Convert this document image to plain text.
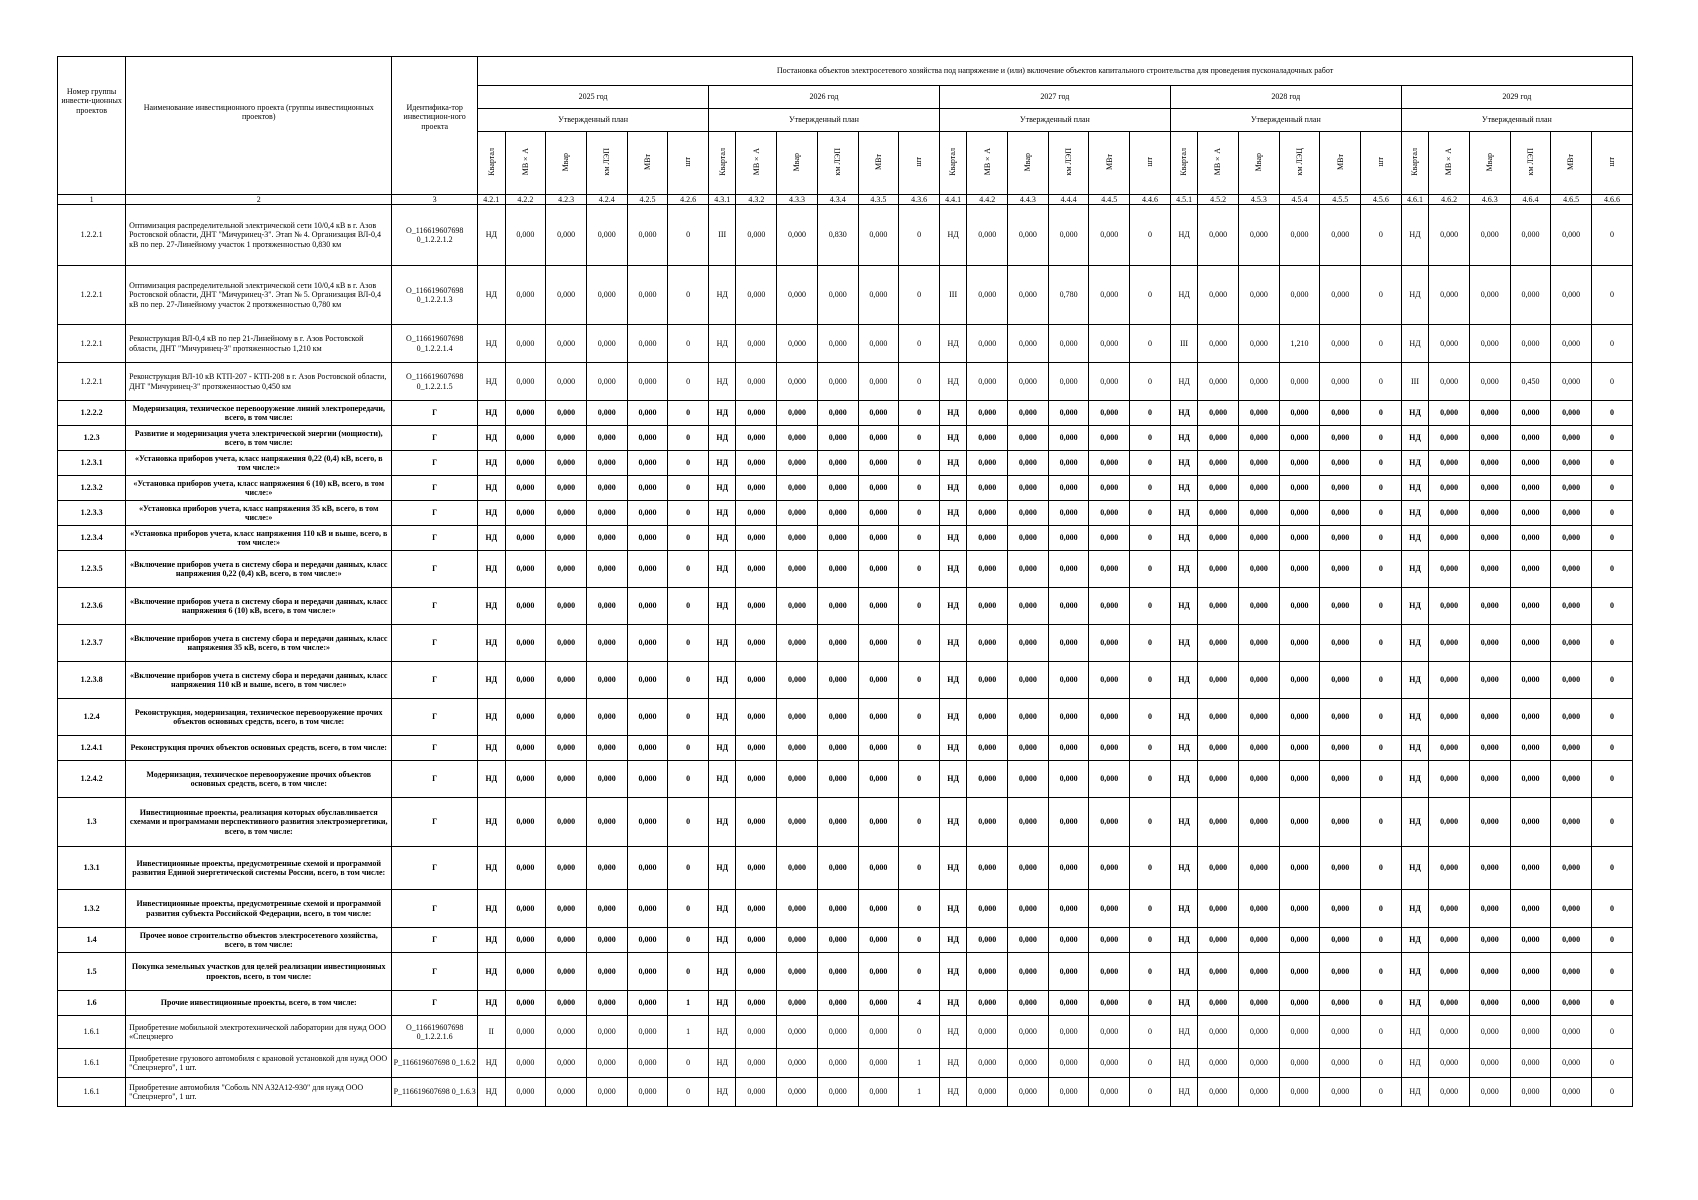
Номер группы инвести-ционных проектов	Наименование инвестиционного проекта (группы инвестиционных проектов)	Идентифика-тор инвестицион-ного проекта	Постановка объектов электросетевого хозяйства под напряжение и (или) включение объектов капитального строительства для проведения пусконаладочных работ																													
			2025 год						2026 год						2027 год						2028 год						2029 год					
			Утвержденный план						Утвержденный план						Утвержденный план						Утвержденный план						Утвержденный план					
			Квартал	МВ×А	Мвар	км ЛЭП	МВт	шт	Квартал	МВ×А	Мвар	км ЛЭП	МВт	шт	Квартал	МВ×А	Мвар	км ЛЭП	МВт	шт	Квартал	МВ×А	Мвар	км ЛЭЦ	МВт	шт	Квартал	МВ×А	Мвар	км ЛЭП	МВт	шт
1	2	3	4.2.1	4.2.2	4.2.3	4.2.4	4.2.5	4.2.6	4.3.1	4.3.2	4.3.3	4.3.4	4.3.5	4.3.6	4.4.1	4.4.2	4.4.3	4.4.4	4.4.5	4.4.6	4.5.1	4.5.2	4.5.3	4.5.4	4.5.5	4.5.6	4.6.1	4.6.2	4.6.3	4.6.4	4.6.5	4.6.6
1.2.2.1	Оптимизация распределительной электрической сети 10/0,4 кВ в г. Азов Ростовской области, ДНТ "Мичуринец-3". Этап № 4. Организация ВЛ-0,4 кВ по пер. 27-Линейному участок 1 протяженностью 0,830 км	O_116619607698 0_1.2.2.1.2	НД	0,000	0,000	0,000	0,000	0	III	0,000	0,000	0,830	0,000	0	НД	0,000	0,000	0,000	0,000	0	НД	0,000	0,000	0,000	0,000	0	НД	0,000	0,000	0,000	0,000	0
1.2.2.1	Оптимизация распределительной электрической сети 10/0,4 кВ в г. Азов Ростовской области, ДНТ "Мичуринец-3". Этап № 5. Организация ВЛ-0,4 кВ по пер. 27-Линейному участок 2 протяженностью 0,780 км	O_116619607698 0_1.2.2.1.3	НД	0,000	0,000	0,000	0,000	0	НД	0,000	0,000	0,000	0,000	0	III	0,000	0,000	0,780	0,000	0	НД	0,000	0,000	0,000	0,000	0	НД	0,000	0,000	0,000	0,000	0
1.2.2.1	Реконструкция ВЛ-0,4 кВ по пер 21-Линейному в г. Азов Ростовской области, ДНТ "Мичуринец-3" протяженностью 1,210 км	O_116619607698 0_1.2.2.1.4	НД	0,000	0,000	0,000	0,000	0	НД	0,000	0,000	0,000	0,000	0	НД	0,000	0,000	0,000	0,000	0	III	0,000	0,000	1,210	0,000	0	НД	0,000	0,000	0,000	0,000	0
1.2.2.1	Реконструкция ВЛ-10 кВ КТП-207 - КТП-208 в г. Азов Ростовской области, ДНТ "Мичуринец-3" протяженностью 0,450 км	O_116619607698 0_1.2.2.1.5	НД	0,000	0,000	0,000	0,000	0	НД	0,000	0,000	0,000	0,000	0	НД	0,000	0,000	0,000	0,000	0	НД	0,000	0,000	0,000	0,000	0	III	0,000	0,000	0,450	0,000	0
1.2.2.2	Модернизация, техническое перевооружение линий электропередачи, всего, в том числе:	Г	НД	0,000	0,000	0,000	0,000	0	НД	0,000	0,000	0,000	0,000	0	НД	0,000	0,000	0,000	0,000	0	НД	0,000	0,000	0,000	0,000	0	НД	0,000	0,000	0,000	0,000	0
1.2.3	Развитие и модернизация учета электрической энергии (мощности), всего, в том числе:	Г	НД	0,000	0,000	0,000	0,000	0	НД	0,000	0,000	0,000	0,000	0	НД	0,000	0,000	0,000	0,000	0	НД	0,000	0,000	0,000	0,000	0	НД	0,000	0,000	0,000	0,000	0
1.2.3.1	«Установка приборов учета, класс напряжения 0,22 (0,4) кВ, всего, в том числе:»	Г	НД	0,000	0,000	0,000	0,000	0	НД	0,000	0,000	0,000	0,000	0	НД	0,000	0,000	0,000	0,000	0	НД	0,000	0,000	0,000	0,000	0	НД	0,000	0,000	0,000	0,000	0
1.2.3.2	«Установка приборов учета, класс напряжения 6 (10) кВ, всего, в том числе:»	Г	НД	0,000	0,000	0,000	0,000	0	НД	0,000	0,000	0,000	0,000	0	НД	0,000	0,000	0,000	0,000	0	НД	0,000	0,000	0,000	0,000	0	НД	0,000	0,000	0,000	0,000	0
1.2.3.3	«Установка приборов учета, класс напряжения 35 кВ, всего, в том числе:»	Г	НД	0,000	0,000	0,000	0,000	0	НД	0,000	0,000	0,000	0,000	0	НД	0,000	0,000	0,000	0,000	0	НД	0,000	0,000	0,000	0,000	0	НД	0,000	0,000	0,000	0,000	0
1.2.3.4	«Установка приборов учета, класс напряжения 110 кВ и выше, всего, в том числе:»	Г	НД	0,000	0,000	0,000	0,000	0	НД	0,000	0,000	0,000	0,000	0	НД	0,000	0,000	0,000	0,000	0	НД	0,000	0,000	0,000	0,000	0	НД	0,000	0,000	0,000	0,000	0
1.2.3.5	«Включение приборов учета в систему сбора и передачи данных, класс напряжения 0,22 (0,4) кВ, всего, в том числе:»	Г	НД	0,000	0,000	0,000	0,000	0	НД	0,000	0,000	0,000	0,000	0	НД	0,000	0,000	0,000	0,000	0	НД	0,000	0,000	0,000	0,000	0	НД	0,000	0,000	0,000	0,000	0
1.2.3.6	«Включение приборов учета в систему сбора и передачи данных, класс напряжения 6 (10) кВ, всего, в том числе:»	Г	НД	0,000	0,000	0,000	0,000	0	НД	0,000	0,000	0,000	0,000	0	НД	0,000	0,000	0,000	0,000	0	НД	0,000	0,000	0,000	0,000	0	НД	0,000	0,000	0,000	0,000	0
1.2.3.7	«Включение приборов учета в систему сбора и передачи данных, класс напряжения 35 кВ, всего, в том числе:»	Г	НД	0,000	0,000	0,000	0,000	0	НД	0,000	0,000	0,000	0,000	0	НД	0,000	0,000	0,000	0,000	0	НД	0,000	0,000	0,000	0,000	0	НД	0,000	0,000	0,000	0,000	0
1.2.3.8	«Включение приборов учета в систему сбора и передачи данных, класс напряжения 110 кВ и выше, всего, в том числе:»	Г	НД	0,000	0,000	0,000	0,000	0	НД	0,000	0,000	0,000	0,000	0	НД	0,000	0,000	0,000	0,000	0	НД	0,000	0,000	0,000	0,000	0	НД	0,000	0,000	0,000	0,000	0
1.2.4	Реконструкция, модернизация, техническое перевооружение прочих объектов основных средств, всего, в том числе:	Г	НД	0,000	0,000	0,000	0,000	0	НД	0,000	0,000	0,000	0,000	0	НД	0,000	0,000	0,000	0,000	0	НД	0,000	0,000	0,000	0,000	0	НД	0,000	0,000	0,000	0,000	0
1.2.4.1	Реконструкция прочих объектов основных средств, всего, в том числе:	Г	НД	0,000	0,000	0,000	0,000	0	НД	0,000	0,000	0,000	0,000	0	НД	0,000	0,000	0,000	0,000	0	НД	0,000	0,000	0,000	0,000	0	НД	0,000	0,000	0,000	0,000	0
1.2.4.2	Модернизация, техническое перевооружение прочих объектов основных средств, всего, в том числе:	Г	НД	0,000	0,000	0,000	0,000	0	НД	0,000	0,000	0,000	0,000	0	НД	0,000	0,000	0,000	0,000	0	НД	0,000	0,000	0,000	0,000	0	НД	0,000	0,000	0,000	0,000	0
1.3	Инвестиционные проекты, реализация которых обуславливается схемами и программами перспективного развития электроэнергетики, всего, в том числе:	Г	НД	0,000	0,000	0,000	0,000	0	НД	0,000	0,000	0,000	0,000	0	НД	0,000	0,000	0,000	0,000	0	НД	0,000	0,000	0,000	0,000	0	НД	0,000	0,000	0,000	0,000	0
1.3.1	Инвестиционные проекты, предусмотренные схемой и программой развития Единой энергетической системы России, всего, в том числе:	Г	НД	0,000	0,000	0,000	0,000	0	НД	0,000	0,000	0,000	0,000	0	НД	0,000	0,000	0,000	0,000	0	НД	0,000	0,000	0,000	0,000	0	НД	0,000	0,000	0,000	0,000	0
1.3.2	Инвестиционные проекты, предусмотренные схемой и программой развития субъекта Российской Федерации, всего, в том числе:	Г	НД	0,000	0,000	0,000	0,000	0	НД	0,000	0,000	0,000	0,000	0	НД	0,000	0,000	0,000	0,000	0	НД	0,000	0,000	0,000	0,000	0	НД	0,000	0,000	0,000	0,000	0
1.4	Прочее новое строительство объектов электросетевого хозяйства, всего, в том числе:	Г	НД	0,000	0,000	0,000	0,000	0	НД	0,000	0,000	0,000	0,000	0	НД	0,000	0,000	0,000	0,000	0	НД	0,000	0,000	0,000	0,000	0	НД	0,000	0,000	0,000	0,000	0
1.5	Покупка земельных участков для целей реализации инвестиционных проектов, всего, в том числе:	Г	НД	0,000	0,000	0,000	0,000	0	НД	0,000	0,000	0,000	0,000	0	НД	0,000	0,000	0,000	0,000	0	НД	0,000	0,000	0,000	0,000	0	НД	0,000	0,000	0,000	0,000	0
1.6	Прочие инвестиционные проекты, всего, в том числе:	Г	НД	0,000	0,000	0,000	0,000	1	НД	0,000	0,000	0,000	0,000	4	НД	0,000	0,000	0,000	0,000	0	НД	0,000	0,000	0,000	0,000	0	НД	0,000	0,000	0,000	0,000	0
1.6.1	Приобретение мобильной электротехнической лаборатории для нужд ООО «Спецэнерго	O_116619607698 0_1.2.2.1.6	II	0,000	0,000	0,000	0,000	1	НД	0,000	0,000	0,000	0,000	0	НД	0,000	0,000	0,000	0,000	0	НД	0,000	0,000	0,000	0,000	0	НД	0,000	0,000	0,000	0,000	0
1.6.1	Приобретение грузового автомобиля с крановой установкой для нужд ООО "Спецэнерго", 1 шт.	P_116619607698 0_1.6.2	НД	0,000	0,000	0,000	0,000	0	НД	0,000	0,000	0,000	0,000	1	НД	0,000	0,000	0,000	0,000	0	НД	0,000	0,000	0,000	0,000	0	НД	0,000	0,000	0,000	0,000	0
1.6.1	Приобретение автомобиля "Соболь NN A32A12-930" для нужд ООО "Спецэнерго", 1 шт.	P_116619607698 0_1.6.3	НД	0,000	0,000	0,000	0,000	0	НД	0,000	0,000	0,000	0,000	1	НД	0,000	0,000	0,000	0,000	0	НД	0,000	0,000	0,000	0,000	0	НД	0,000	0,000	0,000	0,000	0
